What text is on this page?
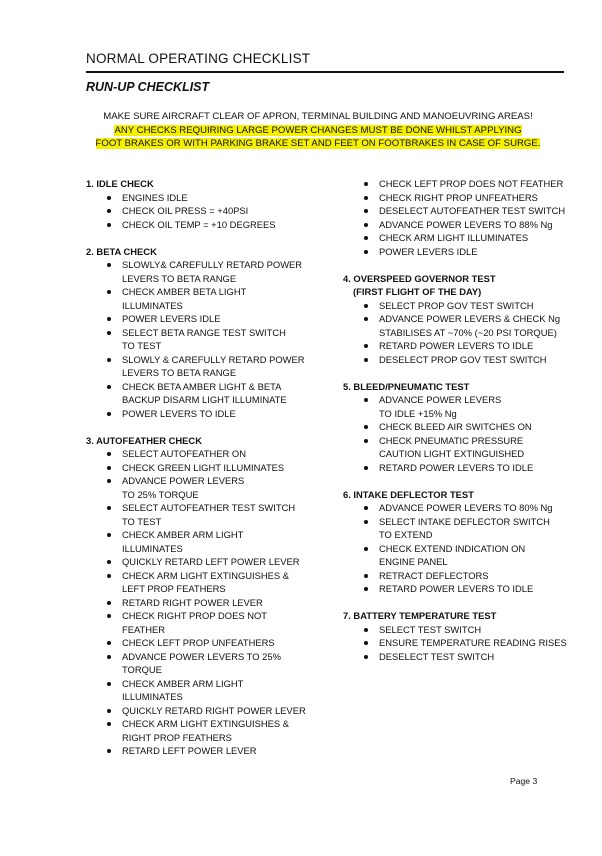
NORMAL OPERATING CHECKLIST
RUN-UP CHECKLIST
MAKE SURE AIRCRAFT CLEAR OF APRON, TERMINAL BUILDING AND MANOEUVRING AREAS!
ANY CHECKS REQUIRING LARGE POWER CHANGES MUST BE DONE WHILST APPLYING
FOOT BRAKES OR WITH PARKING BRAKE SET AND FEET ON FOOTBRAKES IN CASE OF SURGE.
1. IDLE CHECK
ENGINES IDLE
CHECK OIL PRESS = +40PSI
CHECK OIL TEMP = +10 DEGREES
2. BETA CHECK
SLOWLY& CAREFULLY RETARD POWER
LEVERS TO BETA RANGE
CHECK AMBER BETA LIGHT
ILLUMINATES
POWER LEVERS IDLE
SELECT BETA RANGE TEST SWITCH
TO TEST
SLOWLY & CAREFULLY RETARD POWER
LEVERS TO BETA RANGE
CHECK BETA AMBER LIGHT & BETA
BACKUP DISARM LIGHT ILLUMINATE
POWER LEVERS TO IDLE
3. AUTOFEATHER CHECK
SELECT AUTOFEATHER ON
CHECK GREEN LIGHT ILLUMINATES
ADVANCE POWER LEVERS
TO 25% TORQUE
SELECT AUTOFEATHER TEST SWITCH
TO TEST
CHECK AMBER ARM LIGHT
ILLUMINATES
QUICKLY RETARD LEFT POWER LEVER
CHECK ARM LIGHT EXTINGUISHES &
LEFT PROP FEATHERS
RETARD RIGHT POWER LEVER
CHECK RIGHT PROP DOES NOT
FEATHER
CHECK LEFT PROP UNFEATHERS
ADVANCE POWER LEVERS TO 25%
TORQUE
CHECK AMBER ARM LIGHT
ILLUMINATES
QUICKLY RETARD RIGHT POWER LEVER
CHECK ARM LIGHT EXTINGUISHES &
RIGHT PROP FEATHERS
RETARD LEFT POWER LEVER
CHECK LEFT PROP DOES NOT FEATHER
CHECK RIGHT PROP UNFEATHERS
DESELECT AUTOFEATHER TEST SWITCH
ADVANCE POWER LEVERS TO 88% Ng
CHECK ARM LIGHT ILLUMINATES
POWER LEVERS IDLE
4. OVERSPEED GOVERNOR TEST
(FIRST FLIGHT OF THE DAY)
SELECT PROP GOV TEST SWITCH
ADVANCE POWER LEVERS & CHECK Ng
STABILISES AT ~70% (~20 PSI TORQUE)
RETARD POWER LEVERS TO IDLE
DESELECT PROP GOV TEST SWITCH
5. BLEED/PNEUMATIC TEST
ADVANCE POWER LEVERS
TO IDLE +15% Ng
CHECK BLEED AIR SWITCHES ON
CHECK PNEUMATIC PRESSURE
CAUTION LIGHT EXTINGUISHED
RETARD POWER LEVERS TO IDLE
6. INTAKE DEFLECTOR TEST
ADVANCE POWER LEVERS TO 80% Ng
SELECT INTAKE DEFLECTOR SWITCH
TO EXTEND
CHECK EXTEND INDICATION ON
ENGINE PANEL
RETRACT DEFLECTORS
RETARD POWER LEVERS TO IDLE
7. BATTERY TEMPERATURE TEST
SELECT TEST SWITCH
ENSURE TEMPERATURE READING RISES
DESELECT TEST SWITCH
Page 3
